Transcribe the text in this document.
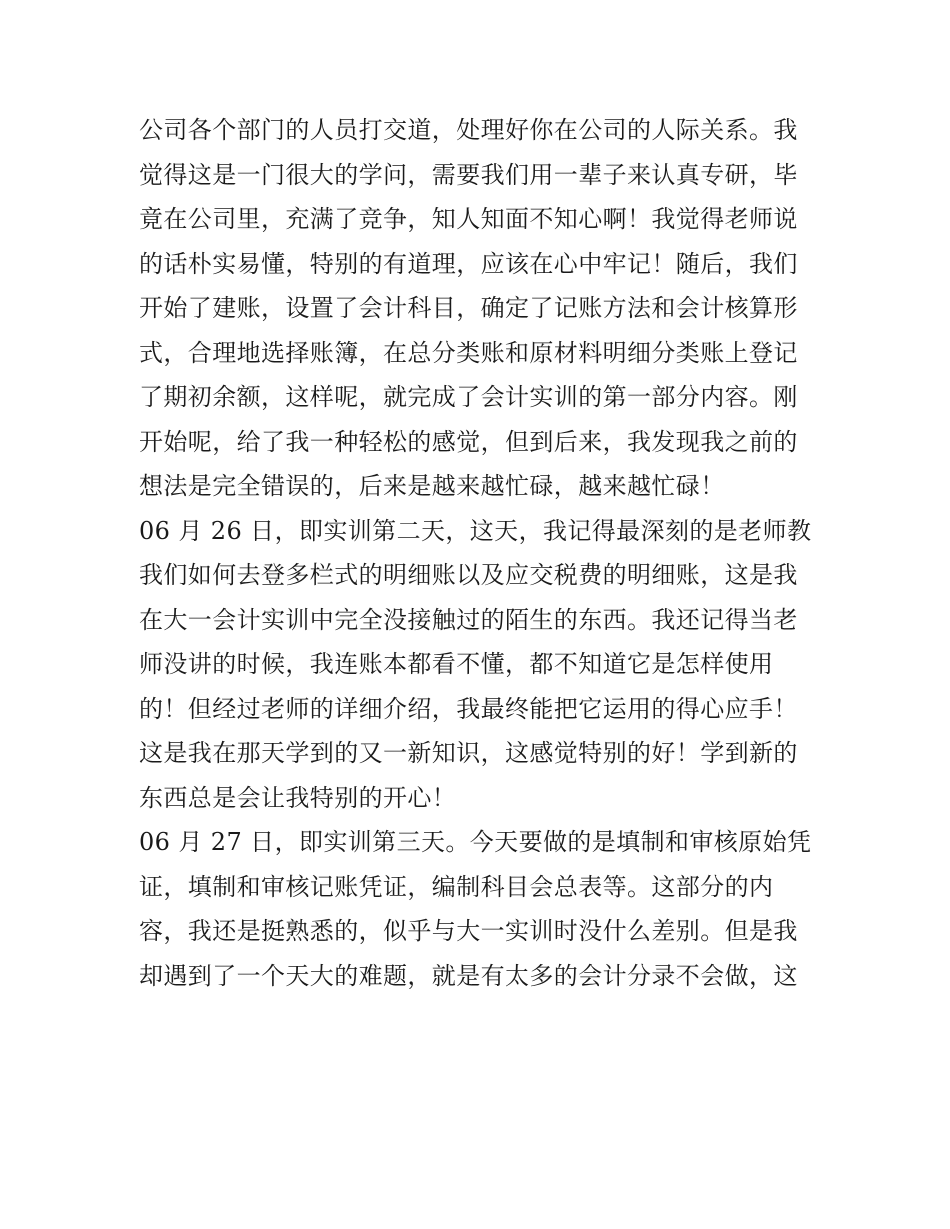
公司各个部门的人员打交道，处理好你在公司的人际关系。我
觉得这是一门很大的学问，需要我们用一辈子来认真专研，毕
竟在公司里，充满了竞争，知人知面不知心啊！我觉得老师说
的话朴实易懂，特别的有道理，应该在心中牢记！随后，我们
开始了建账，设置了会计科目，确定了记账方法和会计核算形
式，合理地选择账簿，在总分类账和原材料明细分类账上登记
了期初余额，这样呢，就完成了会计实训的第一部分内容。刚
开始呢，给了我一种轻松的感觉，但到后来，我发现我之前的
想法是完全错误的，后来是越来越忙碌，越来越忙碌！
06 月 26 日，即实训第二天，这天，我记得最深刻的是老师教
我们如何去登多栏式的明细账以及应交税费的明细账，这是我
在大一会计实训中完全没接触过的陌生的东西。我还记得当老
师没讲的时候，我连账本都看不懂，都不知道它是怎样使用
的！但经过老师的详细介绍，我最终能把它运用的得心应手！
这是我在那天学到的又一新知识，这感觉特别的好！学到新的
东西总是会让我特别的开心！
06 月 27 日，即实训第三天。今天要做的是填制和审核原始凭
证，填制和审核记账凭证，编制科目会总表等。这部分的内
容，我还是挺熟悉的，似乎与大一实训时没什么差别。但是我
却遇到了一个天大的难题，就是有太多的会计分录不会做，这
